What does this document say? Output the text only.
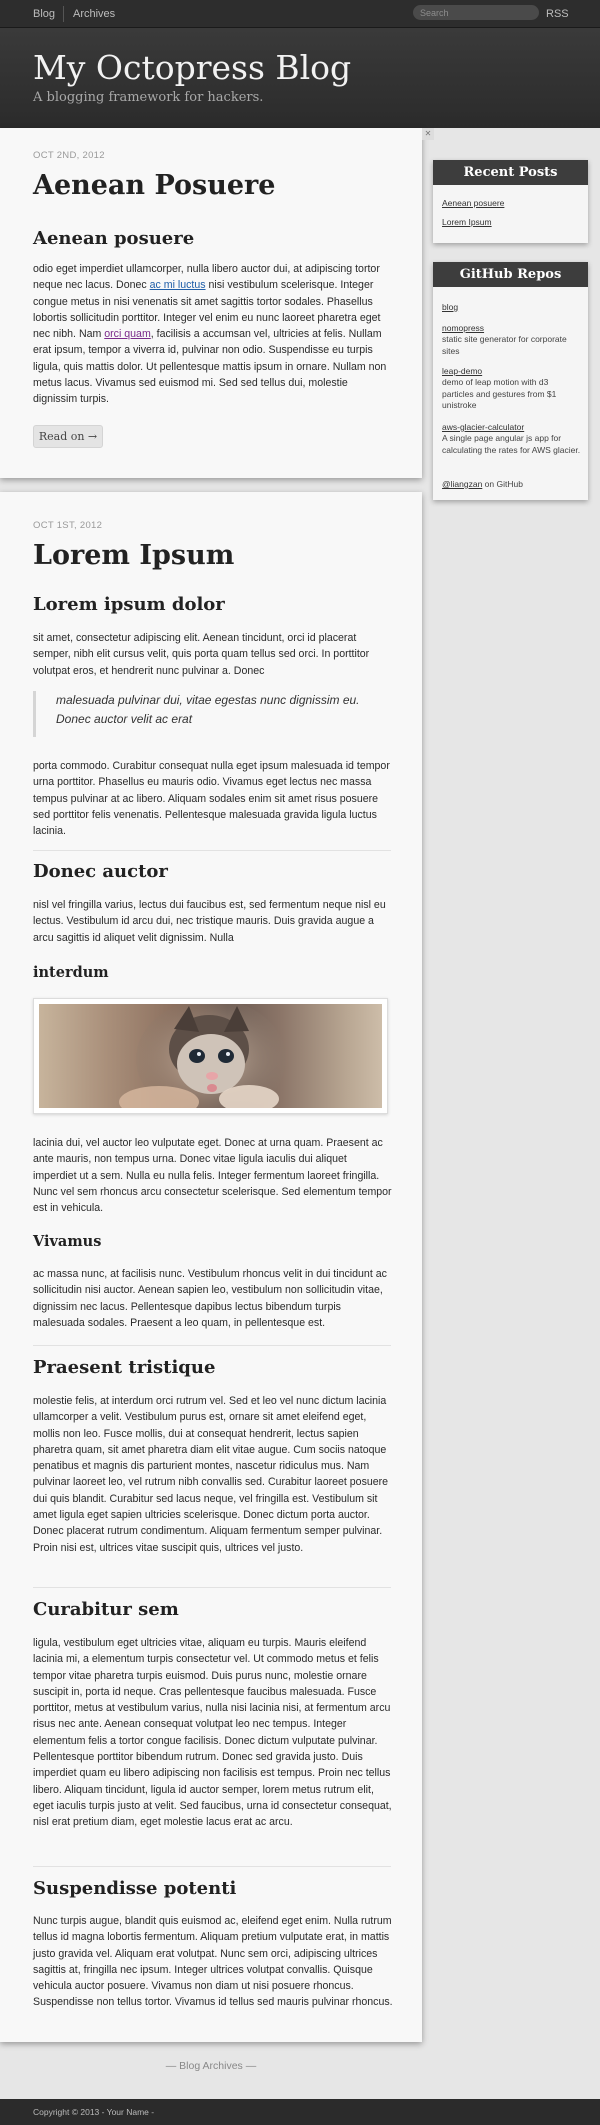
Blog Archives
Search	RSS
My Octopress Blog
A blogging framework for hackers.
OCT 2ND, 2012
Aenean Posuere
Aenean posuere

odio eget imperdiet ullamcorper, nulla libero auctor dui, at adipiscing tortor neque nec lacus. Donec ac mi luctus nisi vestibulum scelerisque. Integer congue metus in nisi venenatis sit amet sagittis tortor sodales. Phasellus lobortis sollicitudin porttitor. Integer vel enim eu nunc laoreet pharetra eget nec nibh. Nam orci quam, facilisis a accumsan vel, ultricies at felis. Nullam erat ipsum, tempor a viverra id, pulvinar non odio. Suspendisse eu turpis ligula, quis mattis dolor. Ut pellentesque mattis ipsum in ornare. Nullam non metus lacus. Vivamus sed euismod mi. Sed sed tellus dui, molestie dignissim turpis.

Read on →
✕
OCT 1ST, 2012
Lorem Ipsum
Lorem ipsum dolor

sit amet, consectetur adipiscing elit. Aenean tincidunt, orci id placerat semper, nibh elit cursus velit, quis porta quam tellus sed orci. In porttitor volutpat eros, et hendrerit nunc pulvinar a. Donec

porta commodo. Curabitur consequat nulla eget ipsum malesuada id tempor urna porttitor. Phasellus eu mauris odio. Vivamus eget lectus nec massa tempus pulvinar at ac libero. Aliquam sodales enim sit amet risus posuere sed porttitor felis venenatis. Pellentesque malesuada gravida ligula luctus lacinia.

Donec auctor

nisl vel fringilla varius, lectus dui faucibus est, sed fermentum neque nisl eu lectus. Vestibulum id arcu dui, nec tristique mauris. Duis gravida augue a arcu sagittis id aliquet velit dignissim. Nulla

interdum

lacinia dui, vel auctor leo vulputate eget. Donec at urna quam. Praesent ac ante mauris, non tempus urna. Donec vitae ligula iaculis dui aliquet imperdiet ut a sem. Nulla eu nulla felis. Integer fermentum laoreet fringilla. Nunc vel sem rhoncus arcu consectetur scelerisque. Sed elementum tempor est in vehicula.

Vivamus

ac massa nunc, at facilisis nunc. Vestibulum rhoncus velit in dui tincidunt ac sollicitudin nisi auctor. Aenean sapien leo, vestibulum non sollicitudin vitae, dignissim nec lacus. Pellentesque dapibus lectus bibendum turpis malesuada sodales. Praesent a leo quam, in pellentesque est.

Praesent tristique

molestie felis, at interdum orci rutrum vel. Sed et leo vel nunc dictum lacinia ullamcorper a velit. Vestibulum purus est, ornare sit amet eleifend eget, mollis non leo. Fusce mollis, dui at consequat hendrerit, lectus sapien pharetra quam, sit amet pharetra diam elit vitae augue. Cum sociis natoque penatibus et magnis dis parturient montes, nascetur ridiculus mus. Nam pulvinar laoreet leo, vel rutrum nibh convallis sed. Curabitur laoreet posuere dui quis blandit. Curabitur sed lacus neque, vel fringilla est. Vestibulum sit amet ligula eget sapien ultricies scelerisque. Donec dictum porta auctor. Donec placerat rutrum condimentum. Aliquam fermentum semper pulvinar. Proin nisi est, ultrices vitae suscipit quis, ultrices vel justo.

Curabitur sem

ligula, vestibulum eget ultricies vitae, aliquam eu turpis. Mauris eleifend lacinia mi, a elementum turpis consectetur vel. Ut commodo metus et felis tempor vitae pharetra turpis euismod. Duis purus nunc, molestie ornare suscipit in, porta id neque. Cras pellentesque faucibus malesuada. Fusce porttitor, metus at vestibulum varius, nulla nisi lacinia nisi, at fermentum arcu risus nec ante. Aenean consequat volutpat leo nec tempus. Integer elementum felis a tortor congue facilisis. Donec dictum vulputate pulvinar. Pellentesque porttitor bibendum rutrum. Donec sed gravida justo. Duis imperdiet quam eu libero adipiscing non facilisis est tempus. Proin nec tellus libero. Aliquam tincidunt, ligula id auctor semper, lorem metus rutrum elit, eget iaculis turpis justo at velit. Sed faucibus, urna id consectetur consequat, nisl erat pretium diam, eget molestie lacus erat ac arcu.

Suspendisse potenti

Nunc turpis augue, blandit quis euismod ac, eleifend eget enim. Nulla rutrum tellus id magna lobortis fermentum. Aliquam pretium vulputate erat, in mattis justo gravida vel. Aliquam erat volutpat. Nunc sem orci, adipiscing ultrices sagittis at, fringilla nec ipsum. Integer ultrices volutpat convallis. Quisque vehicula auctor posuere. Vivamus non diam ut nisi posuere rhoncus. Suspendisse non tellus tortor. Vivamus id tellus sed mauris pulvinar rhoncus.

malesuada pulvinar dui, vitae egestas nunc dignissim eu. Donec auctor velit ac erat

Recent Posts
Aenean posuere
Lorem Ipsum
GitHub Repos
blog
nomopress
static site generator for corporate sites
leap-demo
demo of leap motion with d3 particles and gestures from $1 unistroke
aws-glacier-calculator
A single page angular js app for calculating the rates for AWS glacier.
@liangzan on GitHub
— Blog Archives —
Copyright © 2013 - Your Name -
